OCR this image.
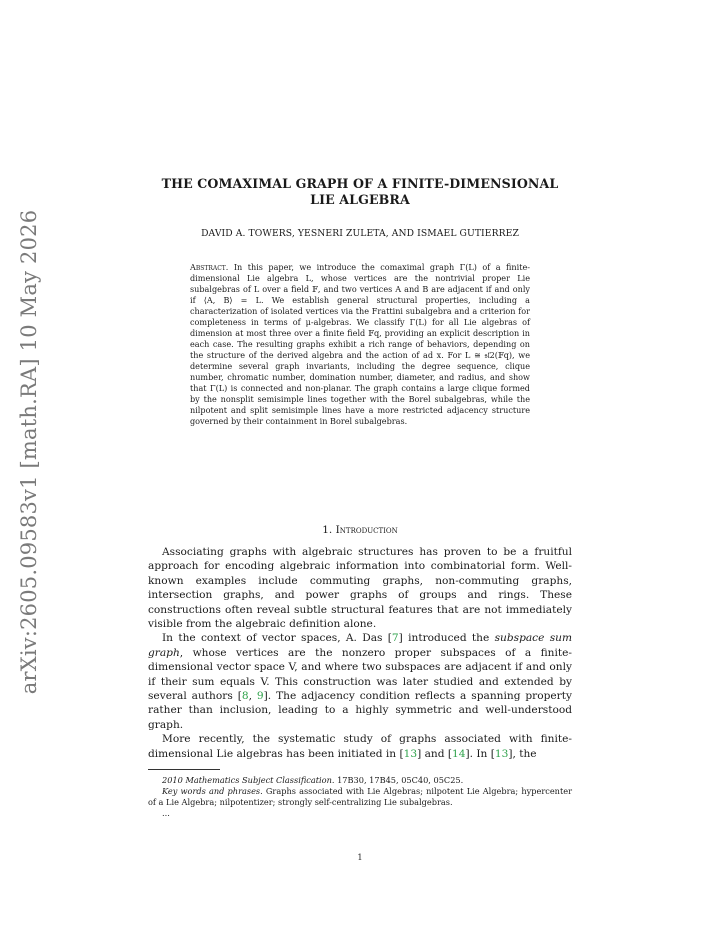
arXiv:2605.09583v1 [math.RA] 10 May 2026
THE COMAXIMAL GRAPH OF A FINITE-DIMENSIONAL
LIE ALGEBRA
DAVID A. TOWERS, YESNERI ZULETA, AND ISMAEL GUTIERREZ
Abstract. In this paper, we introduce the comaximal graph Γ(L) of a finite-dimensional Lie algebra L, whose vertices are the nontrivial proper Lie subalgebras of L over a field 𝔽, and two vertices A and B are adjacent if and only if ⟨A, B⟩ = L. We establish general structural properties, including a characterization of isolated vertices via the Frattini subalgebra and a criterion for completeness in terms of μ-algebras. We classify Γ(L) for all Lie algebras of dimension at most three over a finite field 𝔽q, providing an explicit description in each case. The resulting graphs exhibit a rich range of behaviors, depending on the structure of the derived algebra and the action of ad x. For L ≅ 𝔰𝔩2(𝔽q), we determine several graph invariants, including the degree sequence, clique number, chromatic number, domination number, diameter, and radius, and show that Γ(L) is connected and non-planar. The graph contains a large clique formed by the nonsplit semisimple lines together with the Borel subalgebras, while the nilpotent and split semisimple lines have a more restricted adjacency structure governed by their containment in Borel subalgebras.
1. Introduction

Associating graphs with algebraic structures has proven to be a fruitful approach for encoding algebraic information into combinatorial form. Well-known examples include commuting graphs, non-commuting graphs, intersection graphs, and power graphs of groups and rings. These constructions often reveal subtle structural features that are not immediately visible from the algebraic definition alone.

In the context of vector spaces, A. Das [7] introduced the subspace sum graph, whose vertices are the nonzero proper subspaces of a finite-dimensional vector space V, and where two subspaces are adjacent if and only if their sum equals V. This construction was later studied and extended by several authors [8, 9]. The adjacency condition reflects a spanning property rather than inclusion, leading to a highly symmetric and well-understood graph.

More recently, the systematic study of graphs associated with finite-dimensional Lie algebras has been initiated in [13] and [14]. In [13], the

2010 Mathematics Subject Classification. 17B30, 17B45, 05C40, 05C25.

Key words and phrases. Graphs associated with Lie Algebras; nilpotent Lie Algebra; hypercenter of a Lie Algebra; nilpotentizer; strongly self-centralizing Lie subalgebras.

...

1
